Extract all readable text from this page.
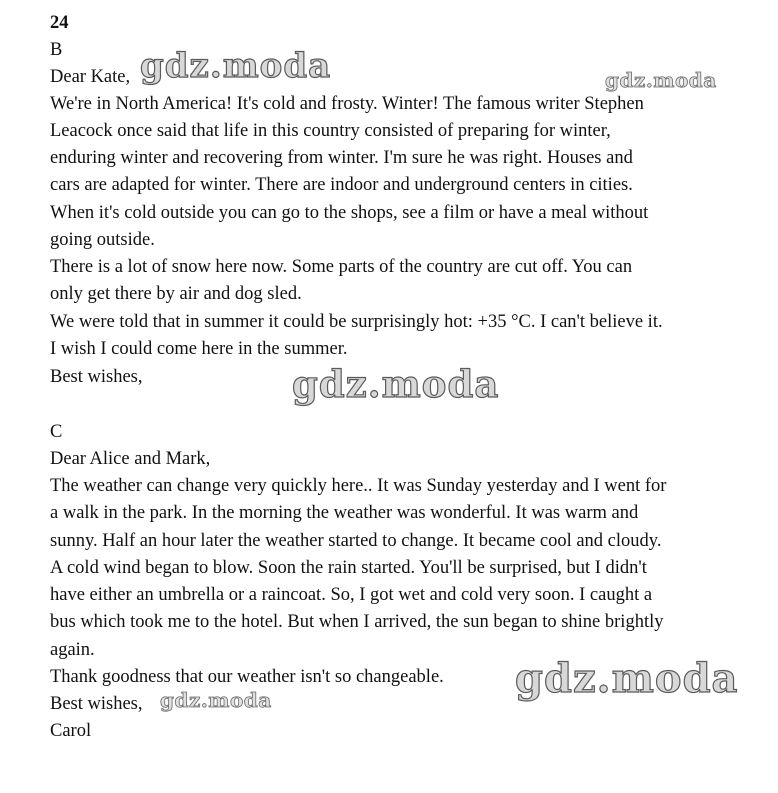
24
B
Dear Kate,
We're in North America! It's cold and frosty. Winter! The famous writer Stephen
Leacock once said that life in this country consisted of preparing for winter,
enduring winter and recovering from winter. I'm sure he was right. Houses and
cars are adapted for winter. There are indoor and underground centers in cities.
When it's cold outside you can go to the shops, see a film or have a meal without
going outside.
There is a lot of snow here now. Some parts of the country are cut off. You can
only get there by air and dog sled.
We were told that in summer it could be surprisingly hot: +35 °C. I can't believe it.
I wish I could come here in the summer.
Best wishes,
C
Dear Alice and Mark,
The weather can change very quickly here.. It was Sunday yesterday and I went for
a walk in the park. In the morning the weather was wonderful. It was warm and
sunny. Half an hour later the weather started to change. It became cool and cloudy.
A cold wind began to blow. Soon the rain started. You'll be surprised, but I didn't
have either an umbrella or a raincoat. So, I got wet and cold very soon. I caught a
bus which took me to the hotel. But when I arrived, the sun began to shine brightly
again.
Thank goodness that our weather isn't so changeable.
Best wishes,
Carol
gdz.moda	gdz.moda
gdz.moda
gdz.moda
gdz.moda
